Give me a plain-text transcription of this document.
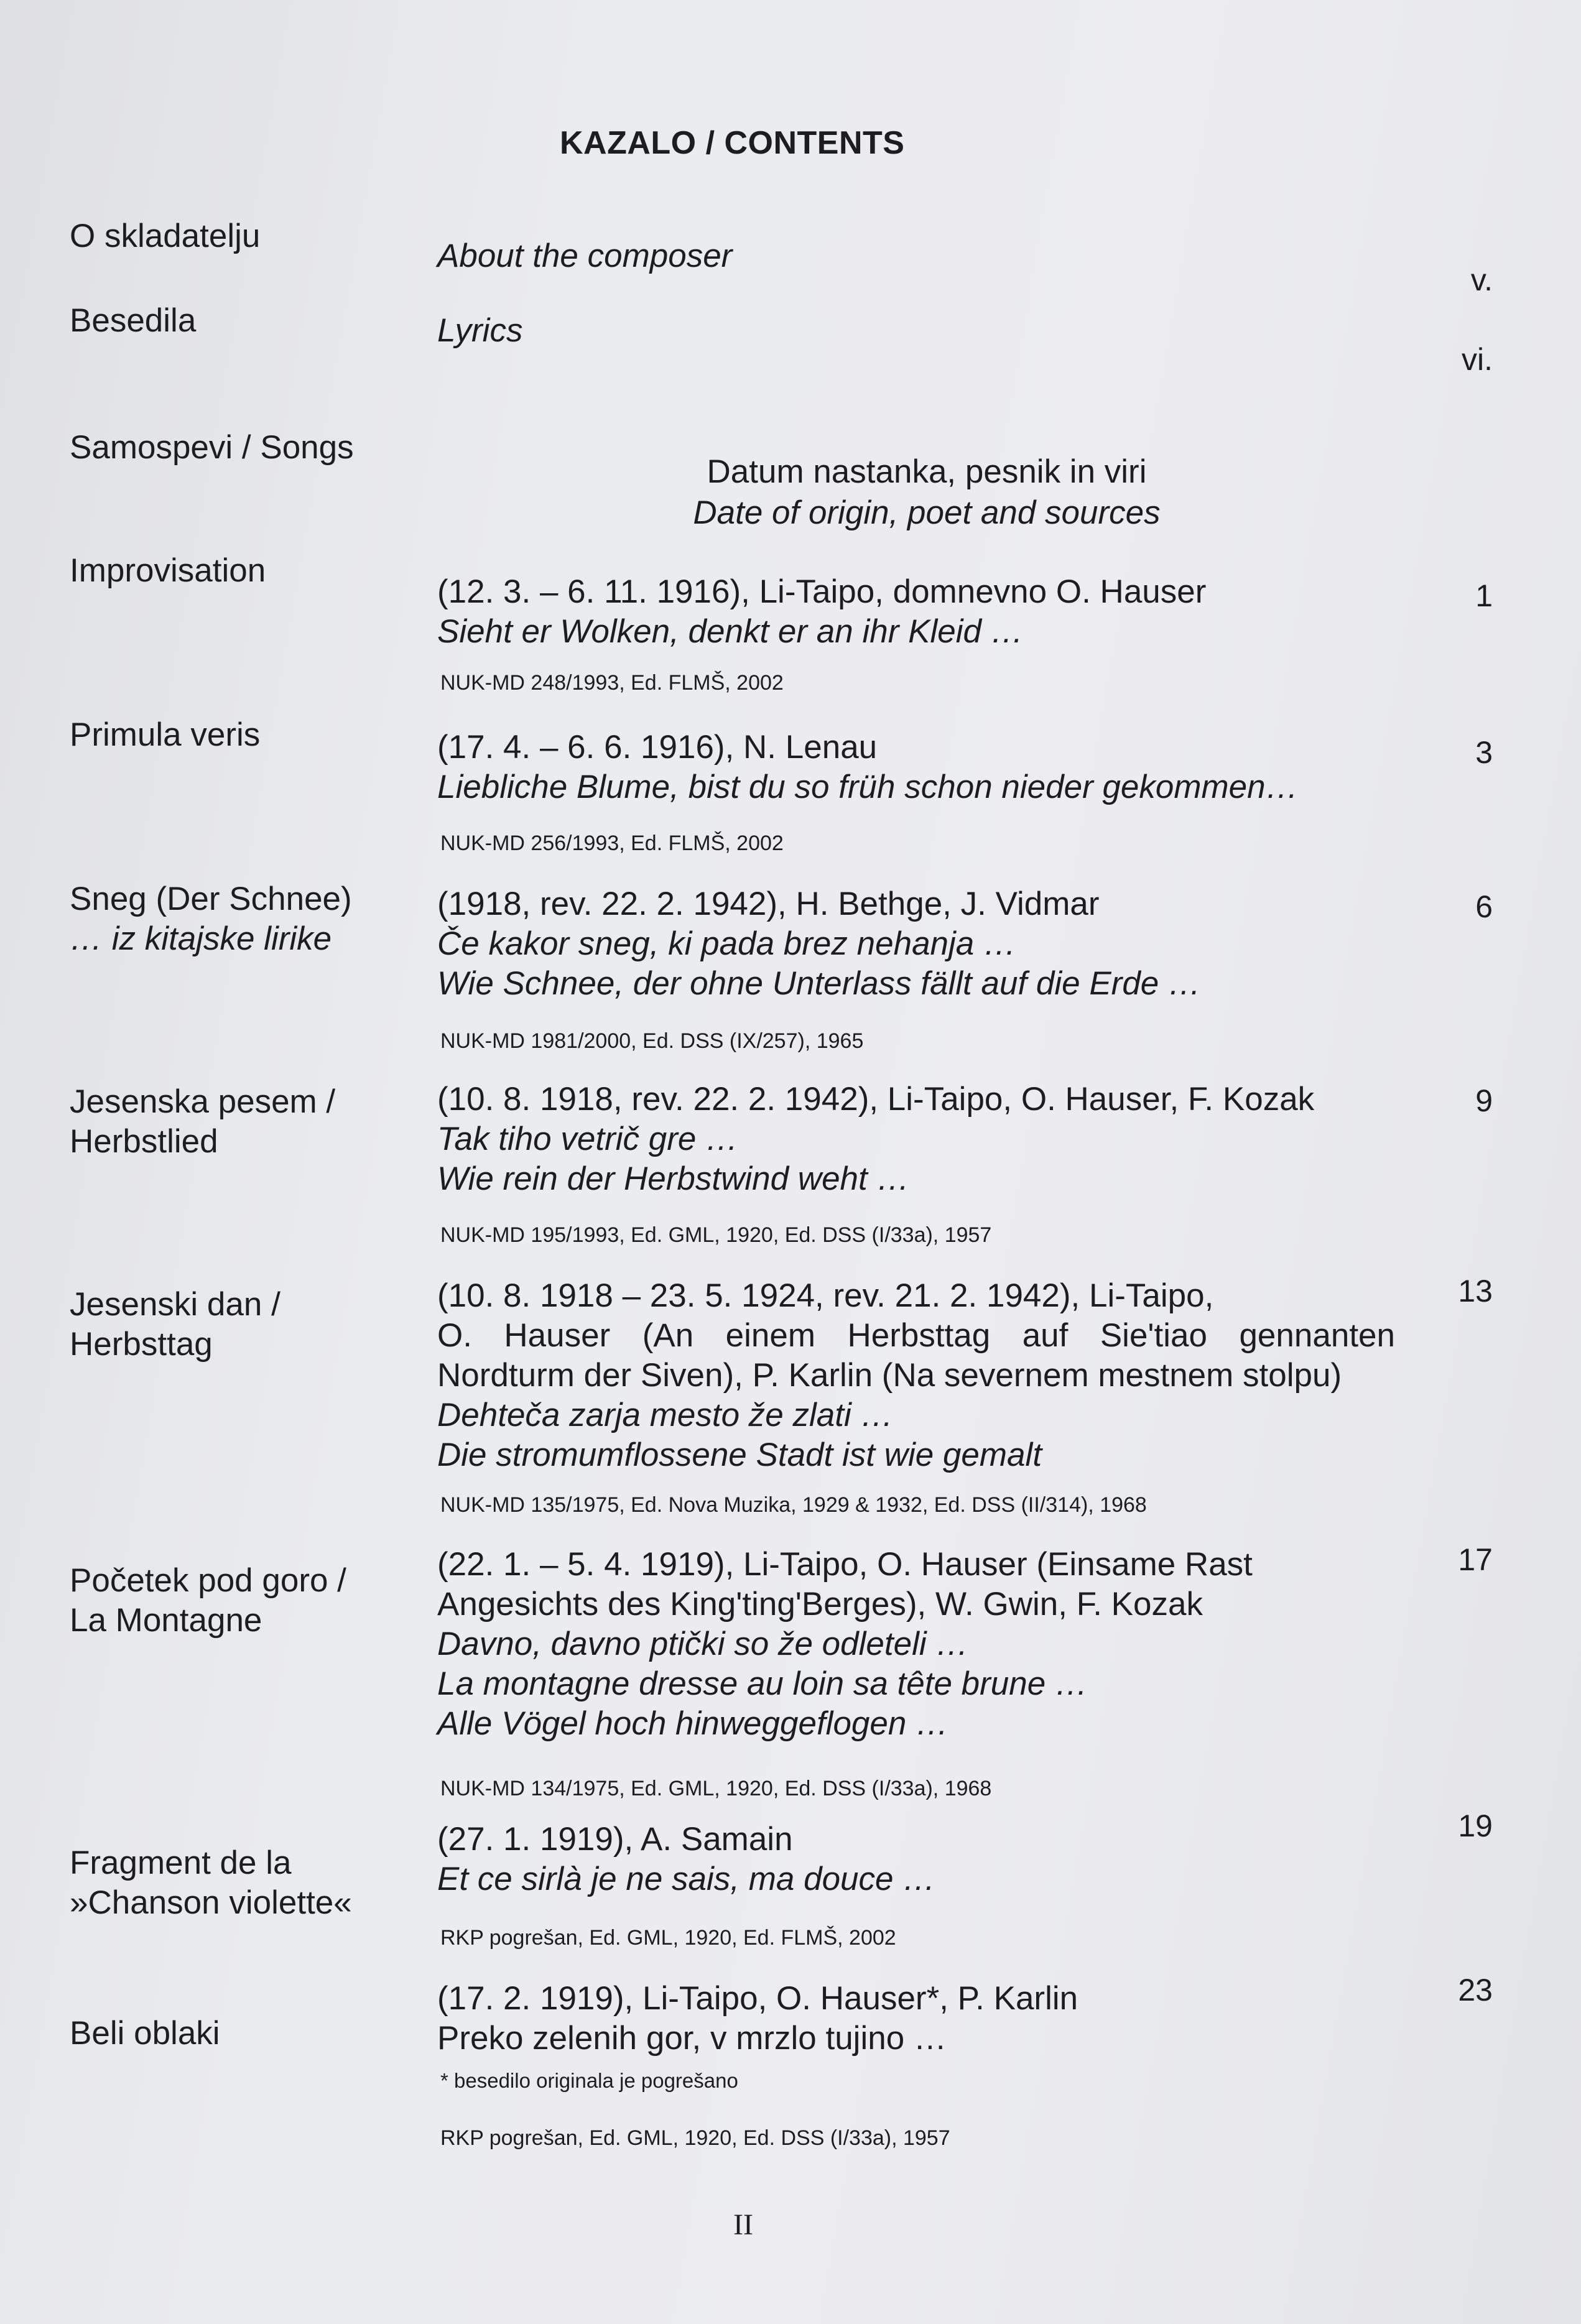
KAZALO / CONTENTS
O skladatelju
About the composer
v.
Besedila	Lyrics
vi.
Samospevi / Songs
Datum nastanka, pesnik in viri
Date of origin, poet and sources
Improvisation
(12. 3. – 6. 11. 1916), Li-Taipo, domnevno O. Hauser
Sieht er Wolken, denkt er an ihr Kleid …
NUK-MD 248/1993, Ed. FLMŠ, 2002
1
Primula veris	(17. 4. – 6. 6. 1916), N. Lenau
Liebliche Blume, bist du so früh schon nieder gekommen…
NUK-MD 256/1993, Ed. FLMŠ, 2002
3
Sneg (Der Schnee)
… iz kitajske lirike
(1918, rev. 22. 2. 1942), H. Bethge, J. Vidmar
Če kakor sneg, ki pada brez nehanja …
Wie Schnee, der ohne Unterlass fällt auf die Erde …
NUK-MD 1981/2000, Ed. DSS (IX/257), 1965
6
Jesenska pesem /
Herbstlied
(10. 8. 1918, rev. 22. 2. 1942), Li-Taipo, O. Hauser, F. Kozak
Tak tiho vetrič gre …
Wie rein der Herbstwind weht …
NUK-MD 195/1993, Ed. GML, 1920, Ed. DSS (I/33a), 1957
9
Jesenski dan /
Herbsttag
(10. 8. 1918 – 23. 5. 1924, rev. 21. 2. 1942), Li-Taipo,
O. Hauser (An einem Herbsttag auf Sie'tiao gennanten
Nordturm der Siven), P. Karlin (Na severnem mestnem stolpu)
Dehteča zarja mesto že zlati …
Die stromumflossene Stadt ist wie gemalt
NUK-MD 135/1975, Ed. Nova Muzika, 1929 & 1932, Ed. DSS (II/314), 1968
13
Početek pod goro /
La Montagne
(22. 1. – 5. 4. 1919), Li-Taipo, O. Hauser (Einsame Rast
Angesichts des King'ting'Berges), W. Gwin, F. Kozak
Davno, davno ptički so že odleteli …
La montagne dresse au loin sa tête brune …
Alle Vögel hoch hinweggeflogen …
NUK-MD 134/1975, Ed. GML, 1920, Ed. DSS (I/33a), 1968
17
Fragment de la
»Chanson violette«
(27. 1. 1919), A. Samain
Et ce sirlà je ne sais, ma douce …
RKP pogrešan, Ed. GML, 1920, Ed. FLMŠ, 2002
19
Beli oblaki
(17. 2. 1919), Li-Taipo, O. Hauser*, P. Karlin
Preko zelenih gor, v mrzlo tujino …
* besedilo originala je pogrešano
RKP pogrešan, Ed. GML, 1920, Ed. DSS (I/33a), 1957
23
II
